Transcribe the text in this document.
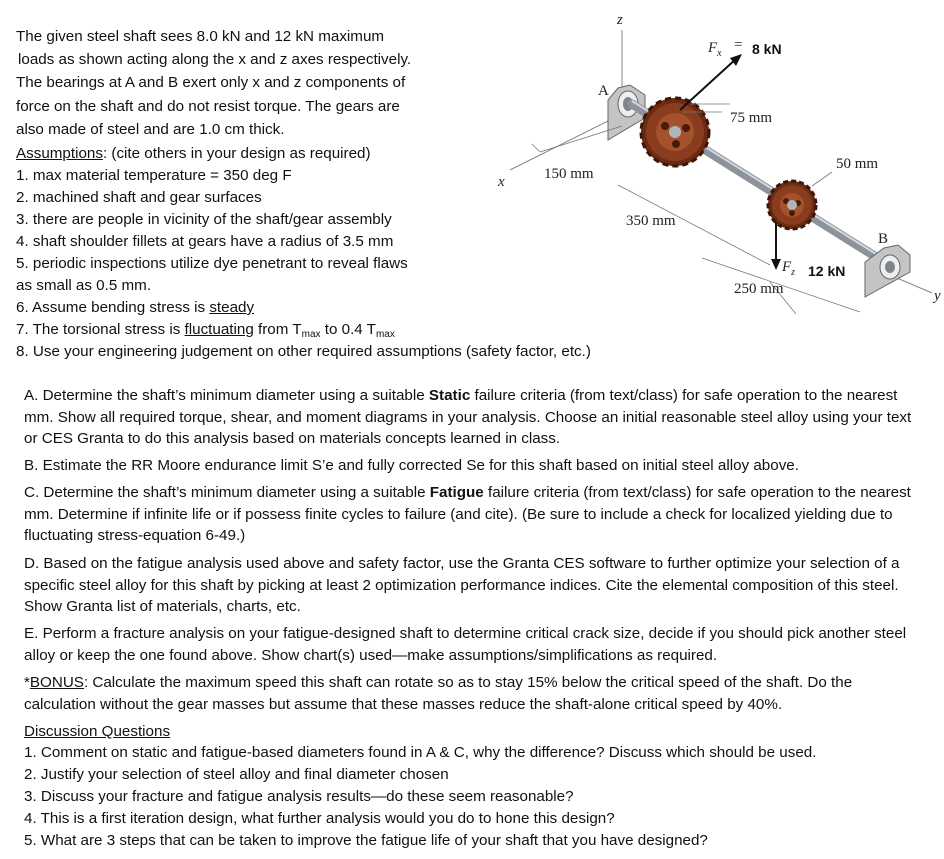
The given steel shaft sees 8.0 kN and 12 kN maximum
loads as shown acting along the x and z axes respectively.
The bearings at A and B exert only x and z components of
force on the shaft and do not resist torque. The gears are
also made of steel and are 1.0 cm thick.
Assumptions: (cite others in your design as required)
1. max material temperature = 350 deg F
2. machined shaft and gear surfaces
3. there are people in vicinity of the shaft/gear assembly
4. shaft shoulder fillets at gears have a radius of 3.5 mm
5. periodic inspections utilize dye penetrant to reveal flaws
as small as 0.5 mm.
6. Assume bending stress is steady
7. The torsional stress is fluctuating from $T_{max}$ to 0.4 $T_{max}$
8. Use your engineering judgement on other required assumptions (safety factor, etc.)
z
x
y
A
B
$F_x$
= 8 kN
$F_z$ 12 kN
75 mm
50 mm
150 mm
350 mm
250 mm
A. Determine the shaft’s minimum diameter using a suitable Static failure criteria (from text/class) for safe operation to the nearest mm. Show all required torque, shear, and moment diagrams in your analysis. Choose an initial reasonable steel alloy using your text or CES Granta to do this analysis based on materials concepts learned in class.
B. Estimate the RR Moore endurance limit S’e and fully corrected Se for this shaft based on initial steel alloy above.
C. Determine the shaft’s minimum diameter using a suitable Fatigue failure criteria (from text/class) for safe operation to the nearest mm. Determine if infinite life or if possess finite cycles to failure (and cite). (Be sure to include a check for localized yielding due to fluctuating stress-equation 6-49.)
D. Based on the fatigue analysis used above and safety factor, use the Granta CES software to further optimize your selection of a specific steel alloy for this shaft by picking at least 2 optimization performance indices. Cite the elemental composition of this steel. Show Granta list of materials, charts, etc.
E. Perform a fracture analysis on your fatigue-designed shaft to determine critical crack size, decide if you should pick another steel alloy or keep the one found above. Show chart(s) used—make assumptions/simplifications as required.
*BONUS: Calculate the maximum speed this shaft can rotate so as to stay 15% below the critical speed of the shaft. Do the calculation without the gear masses but assume that these masses reduce the shaft-alone critical speed by 40%.
Discussion Questions
1. Comment on static and fatigue-based diameters found in A & C, why the difference? Discuss which should be used.
2. Justify your selection of steel alloy and final diameter chosen
3. Discuss your fracture and fatigue analysis results—do these seem reasonable?
4. This is a first iteration design, what further analysis would you do to hone this design?
5. What are 3 steps that can be taken to improve the fatigue life of your shaft that you have designed?
